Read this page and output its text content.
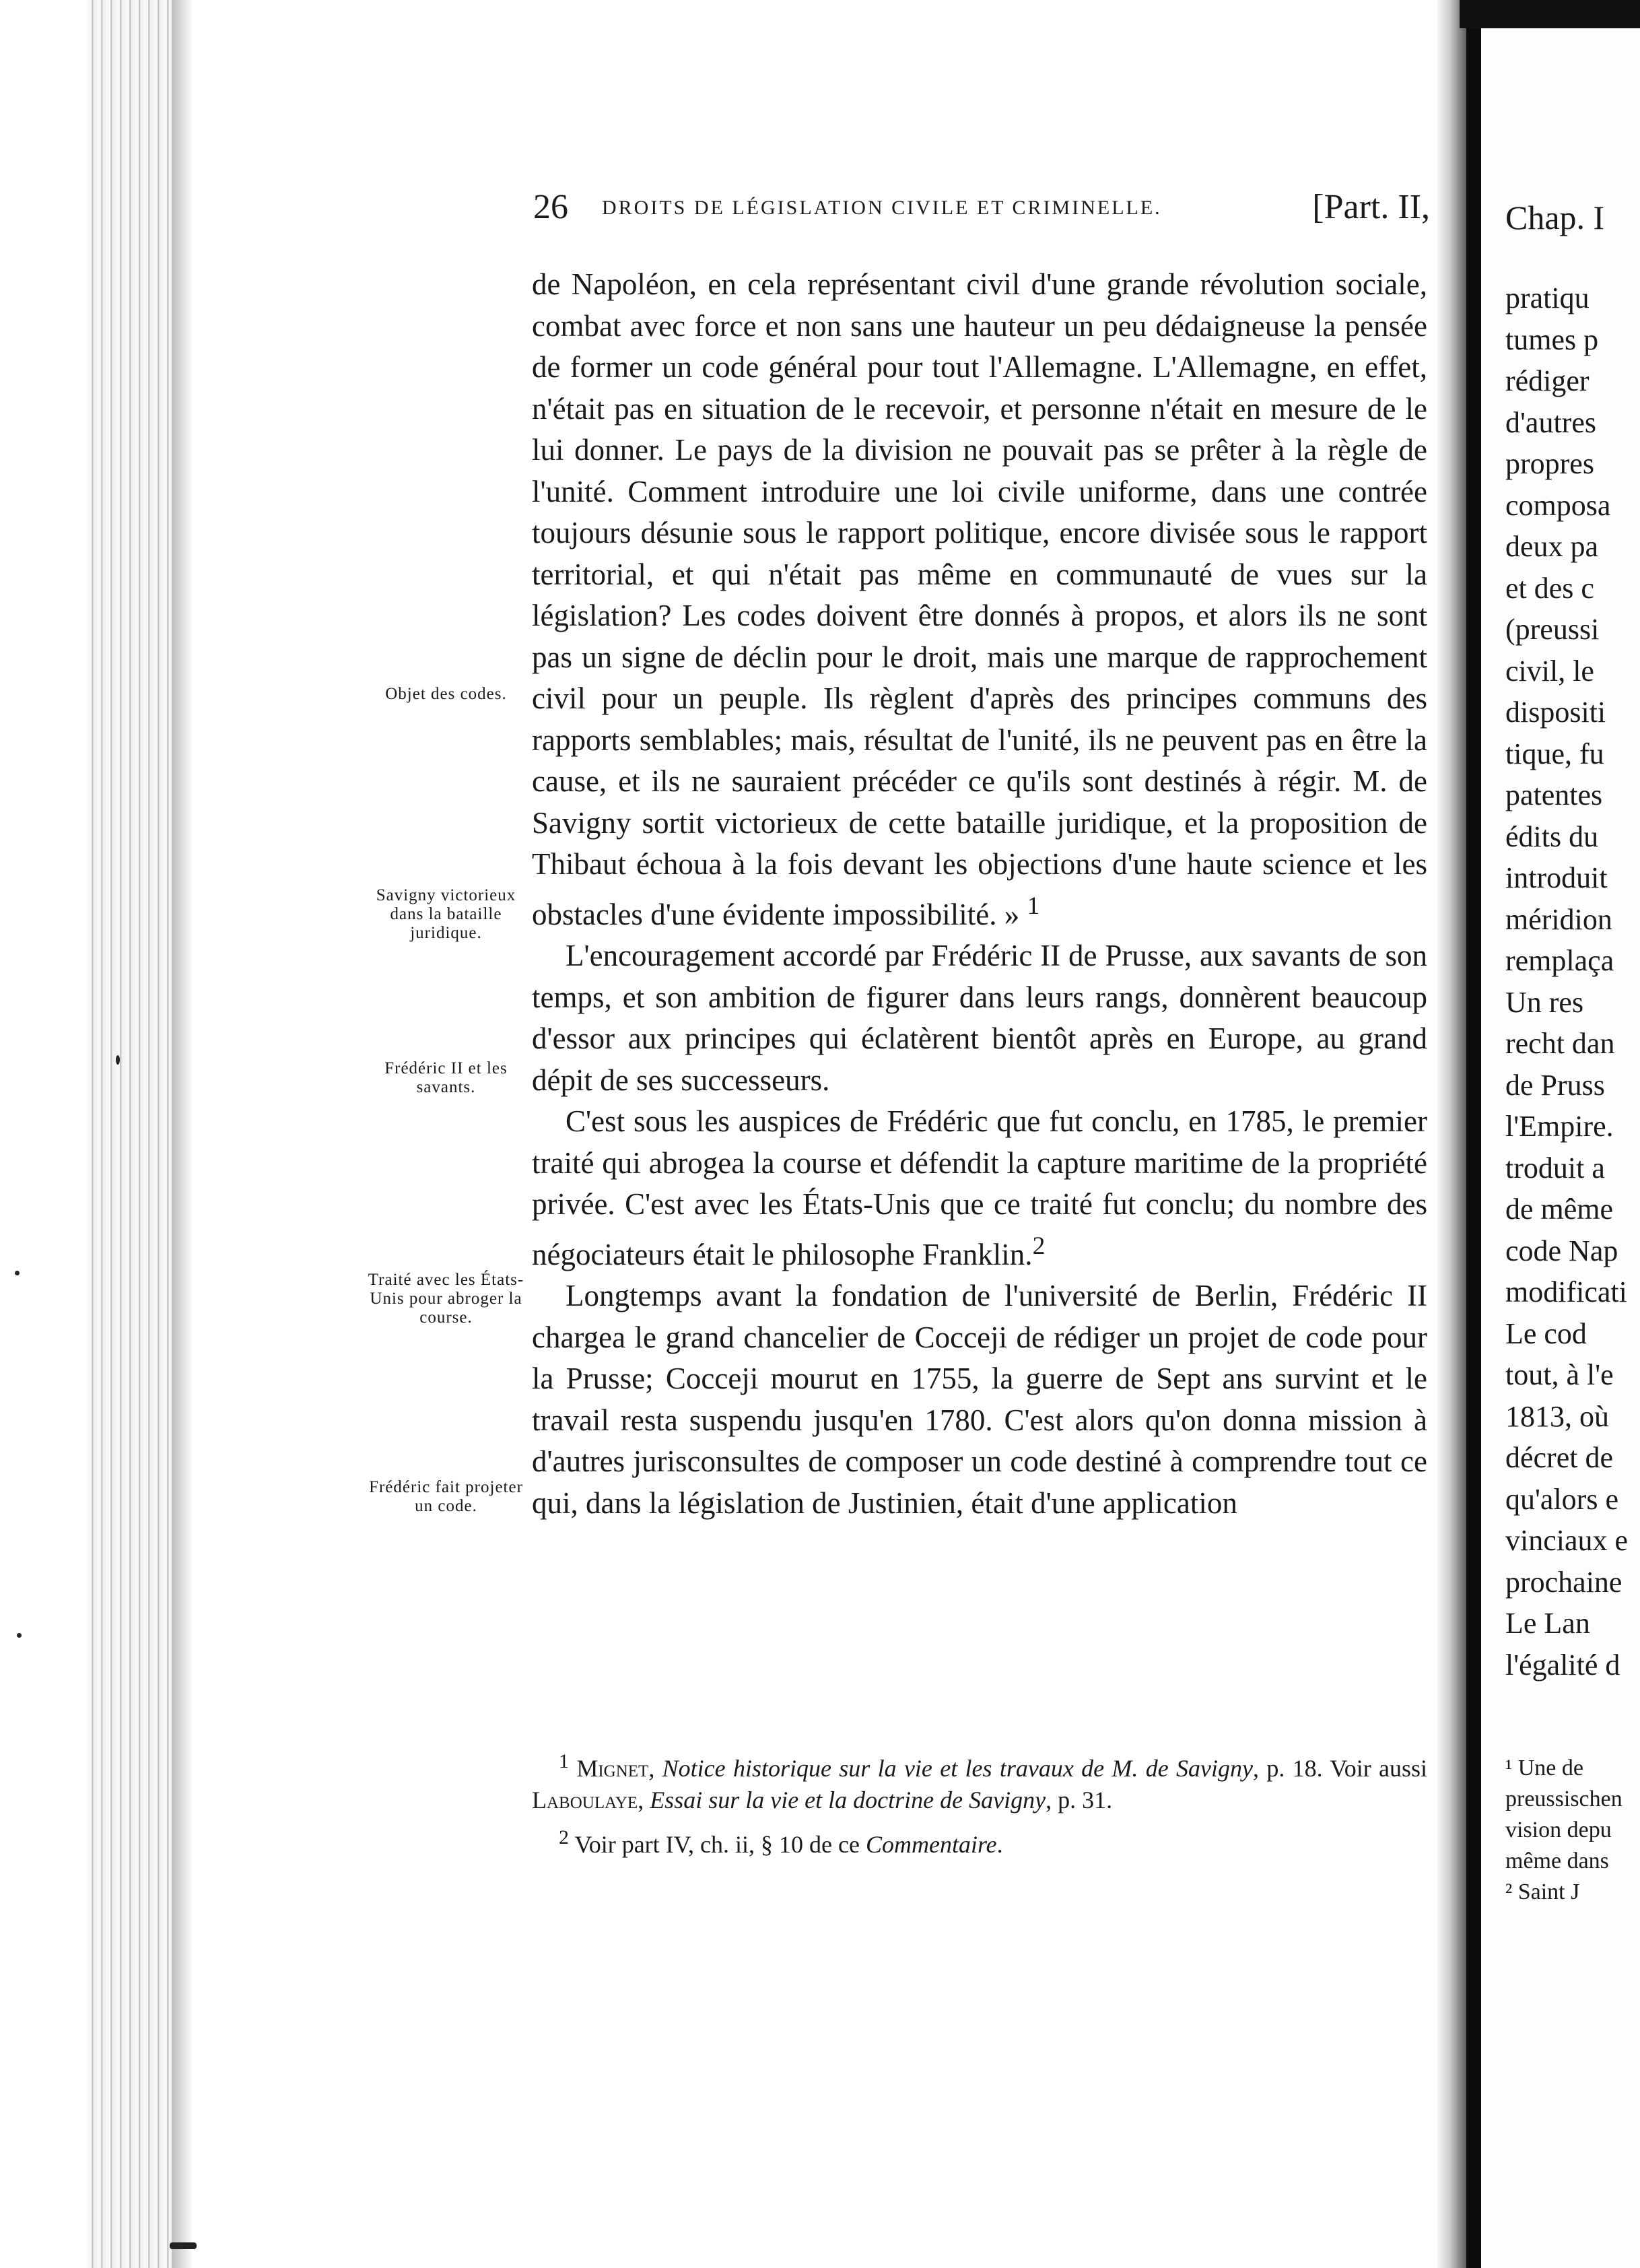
26 DROITS DE LÉGISLATION CIVILE ET CRIMINELLE.	[Part. II,

de Napoléon, en cela représentant civil d'une grande révolution sociale, combat avec force et non sans une hauteur un peu dédaigneuse la pensée de former un code général pour tout l'Allemagne. L'Allemagne, en effet, n'était pas en situation de le recevoir, et personne n'était en mesure de le lui donner. Le pays de la division ne pouvait pas se prêter à la règle de l'unité. Comment introduire une loi civile uniforme, dans une contrée toujours désunie sous le rapport politique, encore divisée sous le rapport territorial, et qui n'était pas même en communauté de vues sur la législation? Les codes doivent être donnés à propos, et alors ils ne sont pas un signe de déclin pour le droit, mais une marque de rapprochement civil pour un peuple. Ils règlent d'après des principes communs des rapports semblables; mais, résultat de l'unité, ils ne peuvent pas en être la cause, et ils ne sauraient précéder ce qu'ils sont destinés à régir. M. de Savigny sortit victorieux de cette bataille juridique, et la proposition de Thibaut échoua à la fois devant les objections d'une haute science et les obstacles d'une évidente impossibilité. » $^1$

L'encouragement accordé par Frédéric II de Prusse, aux savants de son temps, et son ambition de figurer dans leurs rangs, donnèrent beaucoup d'essor aux principes qui éclatèrent bientôt après en Europe, au grand dépit de ses successeurs.

C'est sous les auspices de Frédéric que fut conclu, en 1785, le premier traité qui abrogea la course et défendit la capture maritime de la propriété privée. C'est avec les États-Unis que ce traité fut conclu; du nombre des négociateurs était le philosophe Franklin.$^2$

Longtemps avant la fondation de l'université de Berlin, Frédéric II chargea le grand chancelier de Cocceji de rédiger un projet de code pour la Prusse; Cocceji mourut en 1755, la guerre de Sept ans survint et le travail resta suspendu jusqu'en 1780. C'est alors qu'on donna mission à d'autres jurisconsultes de composer un code destiné à comprendre tout ce qui, dans la législation de Justinien, était d'une application

Objet des codes.
Savigny victorieux dans la bataille juridique.
Frédéric II et les savants.
Traité avec les États-Unis pour abroger la course.
Frédéric fait projeter un code.

$^1$ Mignet, Notice historique sur la vie et les travaux de M. de Savigny, p. 18. Voir aussi Laboulaye, Essai sur la vie et la doctrine de Savigny, p. 31.

$^2$ Voir part IV, ch. ii, § 10 de ce Commentaire.

Chap. I
pratiqu
tumes p
rédiger
d'autres
propres
composa
deux pa
et des c
(preussi
civil, le
dispositi
tique, fu
patentes
édits du
introduit
méridion
remplaça
Un res
recht dan
de Pruss
l'Empire.
troduit a
de même
code Nap
modificati
Le cod
tout, à l'e
1813, où
décret de
qu'alors e
vinciaux e
prochaine
Le Lan
l'égalité d
¹ Une de
preussischen
vision depu
même dans
² Saint J
